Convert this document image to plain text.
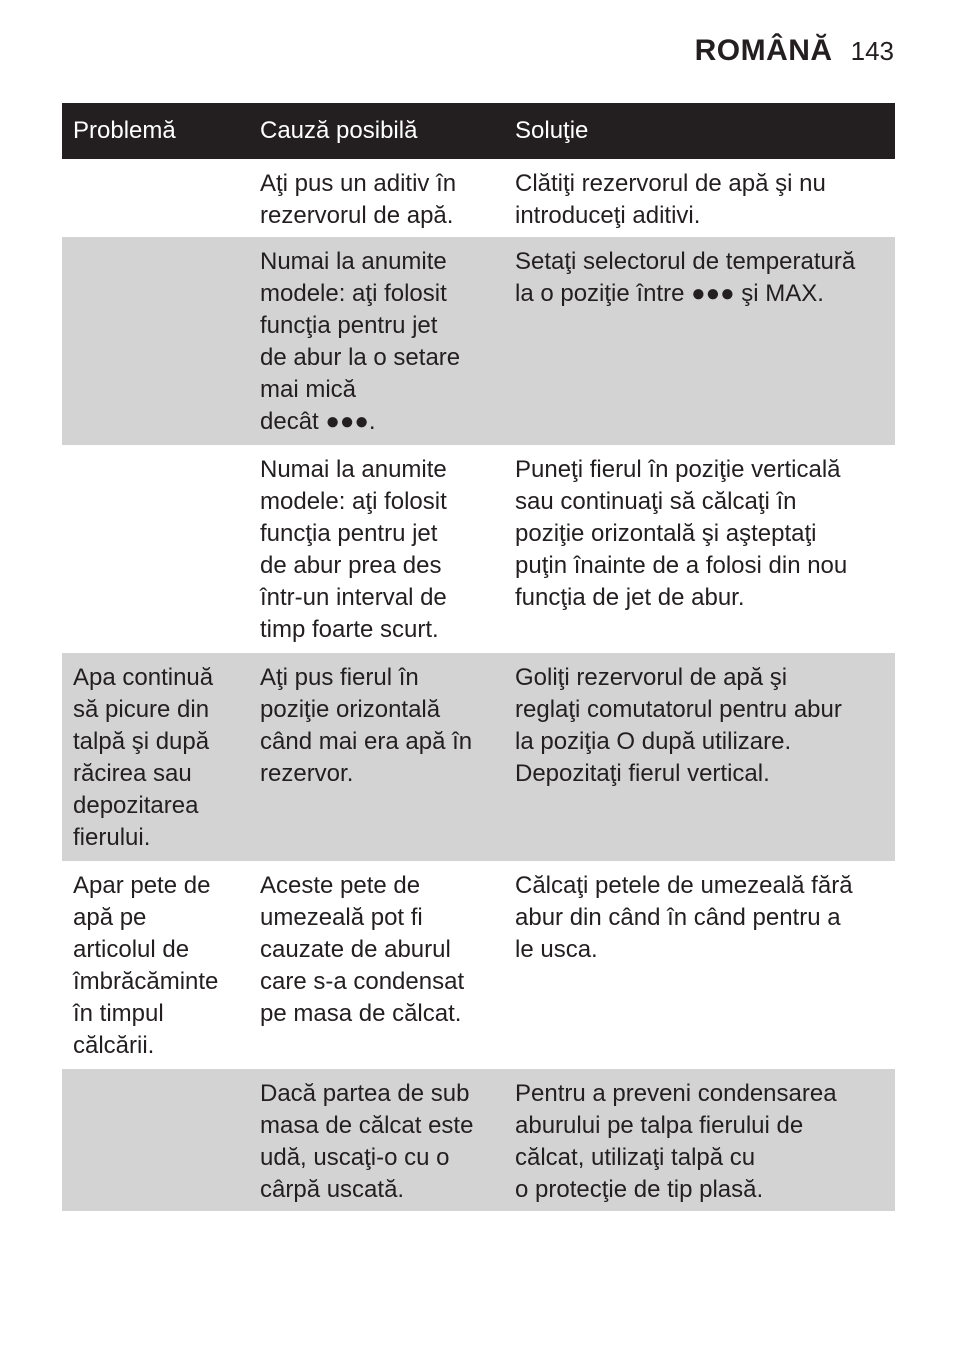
ROMÂNĂ 143
Problemă	Cauză posibilă	Soluţie
Aţi pus un aditiv în
rezervorul de apă.
Clătiţi rezervorul de apă şi nu
introduceţi aditivi.
Numai la anumite
modele: aţi folosit
funcţia pentru jet
de abur la o setare
mai mică
decât ●●●.
Setaţi selectorul de temperatură
la o poziţie între ●●● şi MAX.
Numai la anumite
modele: aţi folosit
funcţia pentru jet
de abur prea des
într-un interval de
timp foarte scurt.
Puneţi fierul în poziţie verticală
sau continuaţi să călcaţi în
poziţie orizontală şi aşteptaţi
puţin înainte de a folosi din nou
funcţia de jet de abur.
Apa continuă
să picure din
talpă şi după
răcirea sau
depozitarea
fierului.
Aţi pus fierul în
poziţie orizontală
când mai era apă în
rezervor.
Goliţi rezervorul de apă şi
reglaţi comutatorul pentru abur
la poziţia O după utilizare.
Depozitaţi fierul vertical.
Apar pete de
apă pe
articolul de
îmbrăcăminte
în timpul
călcării.
Aceste pete de
umezeală pot fi
cauzate de aburul
care s-a condensat
pe masa de călcat.
Călcaţi petele de umezeală fără
abur din când în când pentru a
le usca.
Dacă partea de sub
masa de călcat este
udă, uscaţi-o cu o
cârpă uscată.
Pentru a preveni condensarea
aburului pe talpa fierului de
călcat, utilizaţi talpă cu
o protecţie de tip plasă.
